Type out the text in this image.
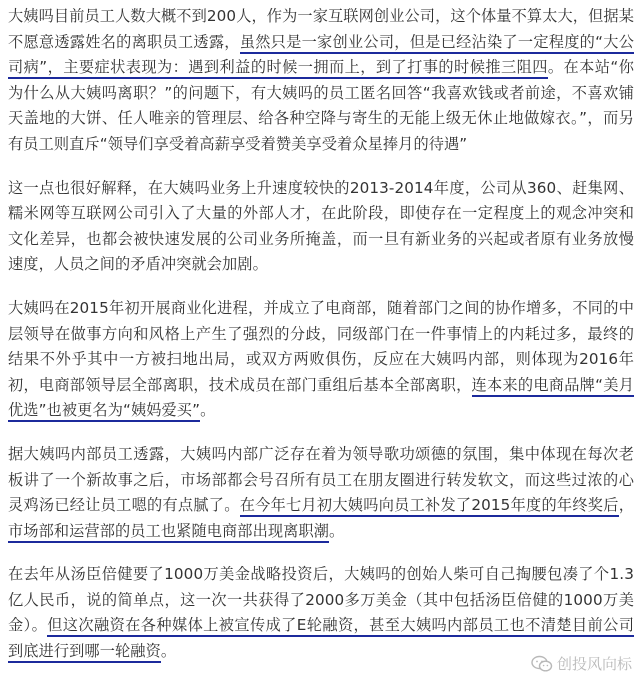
大姨吗目前员工人数大概不到200人，作为一家互联网创业公司，这个体量不算太大，但据某不愿意透露姓名的离职员工透露，虽然只是一家创业公司，但是已经沾染了一定程度的“大公司病”，主要症状表现为：遇到利益的时候一拥而上，到了打事的时候推三阻四。在本站“你为什么从大姨吗离职？”的问题下，有大姨吗的员工匿名回答“我喜欢钱或者前途，不喜欢铺天盖地的大饼、任人唯亲的管理层、给各种空降与寄生的无能上级无休止地做嫁衣。”，而另有员工则直斥“领导们享受着高薪享受着赞美享受着众星捧月的待遇”

这一点也很好解释，在大姨吗业务上升速度较快的2013-2014年度，公司从360、赶集网、糯米网等互联网公司引入了大量的外部人才，在此阶段，即使存在一定程度上的观念冲突和文化差异，也都会被快速发展的公司业务所掩盖，而一旦有新业务的兴起或者原有业务放慢速度，人员之间的矛盾冲突就会加剧。

大姨吗在2015年初开展商业化进程，并成立了电商部，随着部门之间的协作增多，不同的中层领导在做事方向和风格上产生了强烈的分歧，同级部门在一件事情上的内耗过多，最终的结果不外乎其中一方被扫地出局，或双方两败俱伤，反应在大姨吗内部，则体现为2016年初，电商部领导层全部离职，技术成员在部门重组后基本全部离职，连本来的电商品牌“美月优选”也被更名为“姨妈爱买”。

据大姨吗内部员工透露，大姨吗内部广泛存在着为领导歌功颂德的氛围，集中体现在每次老板讲了一个新故事之后，市场部都会号召所有员工在朋友圈进行转发软文，而这些过浓的心灵鸡汤已经让员工嗯的有点腻了。在今年七月初大姨吗向员工补发了2015年度的年终奖后，市场部和运营部的员工也紧随电商部出现离职潮。

在去年从汤臣倍健要了1000万美金战略投资后，大姨吗的创始人柴可自己掏腰包凑了个1.3亿人民币，说的简单点，这一次一共获得了2000多万美金（其中包括汤臣倍健的1000万美金）。但这次融资在各种媒体上被宣传成了E轮融资，甚至大姨吗内部员工也不清楚目前公司到底进行到哪一轮融资。

创投风向标
